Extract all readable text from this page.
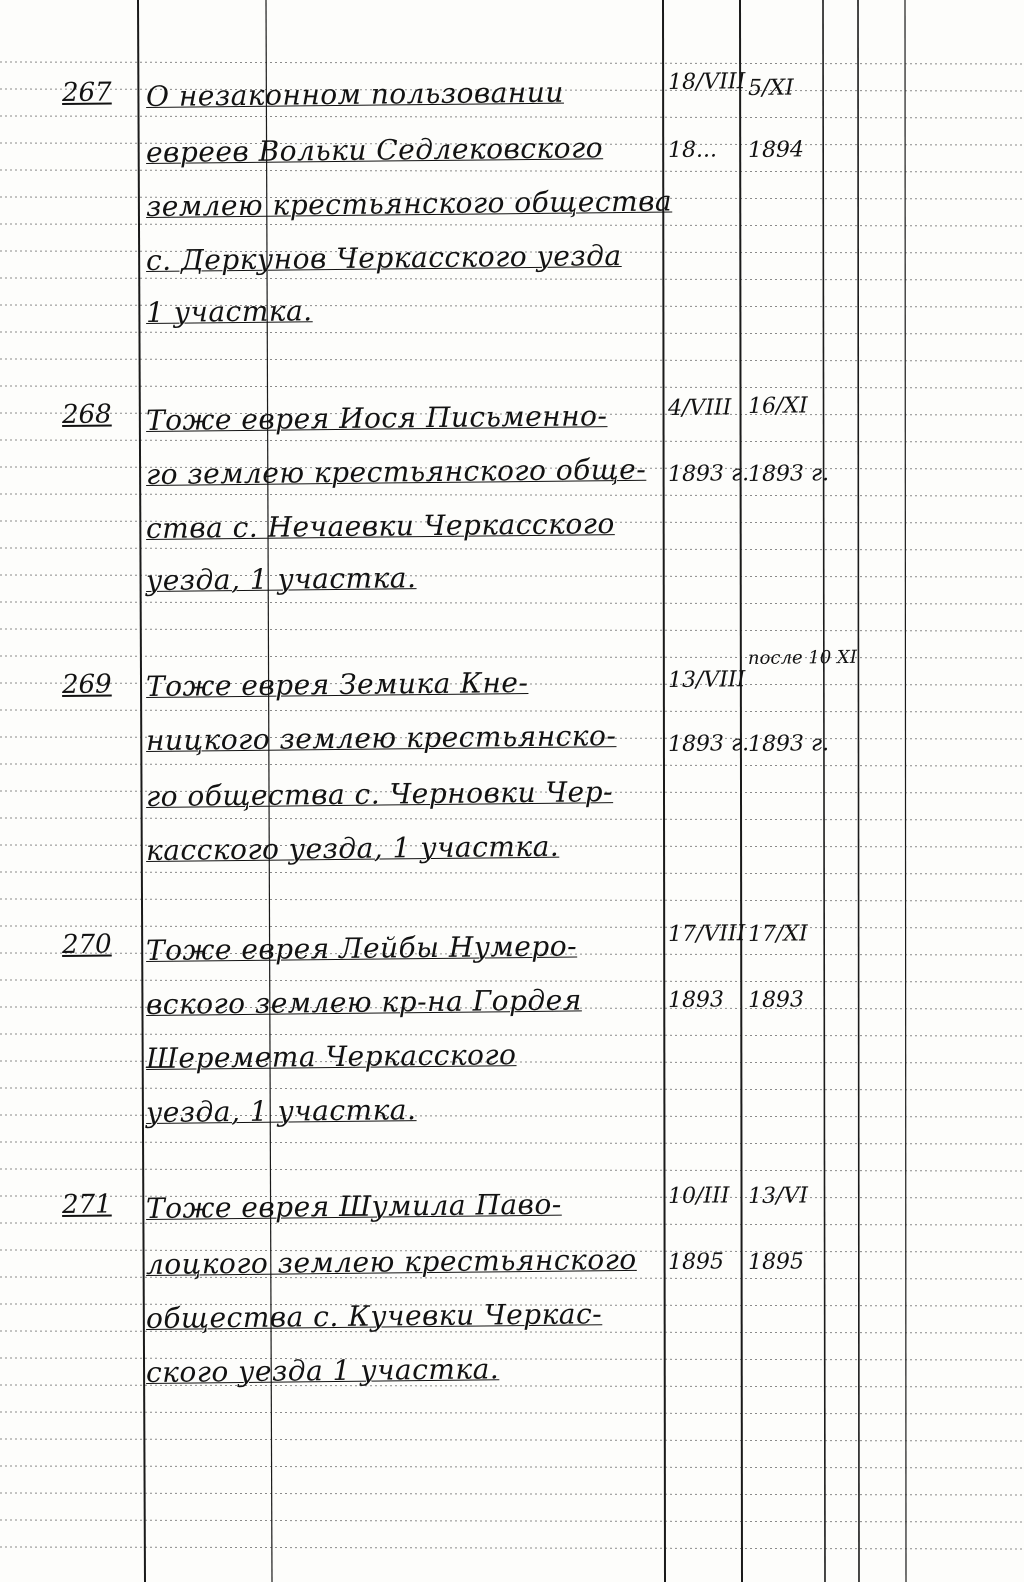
267 О незаконном пользовании
евреев Вольки Седлековского
землею крестьянского общества
с. Деркунов Черкасского уезда
1 участка.
18/VIII
18...
5/XI
1894
268 Тоже еврея Иося Письменно-
го землею крестьянского обще-
ства с. Нечаевки Черкасского
уезда, 1 участка.
4/VIII
1893 г.
16/XI
1893 г.
269 Тоже еврея Земика Кне-
ницкого землею крестьянско-
го общества с. Черновки Чер-
касского уезда, 1 участка.
13/VIII
1893 г.
после 10 XI
1893 г.
270 Тоже еврея Лейбы Нумеро-
вского землею кр-на Гордея
Шеремета Черкасского
уезда, 1 участка.
17/VIII
1893
17/XI
1893
271 Тоже еврея Шумила Паво-
лоцкого землею крестьянского
общества с. Кучевки Черкас-
ского уезда 1 участка.
10/III
1895
13/VI
1895
